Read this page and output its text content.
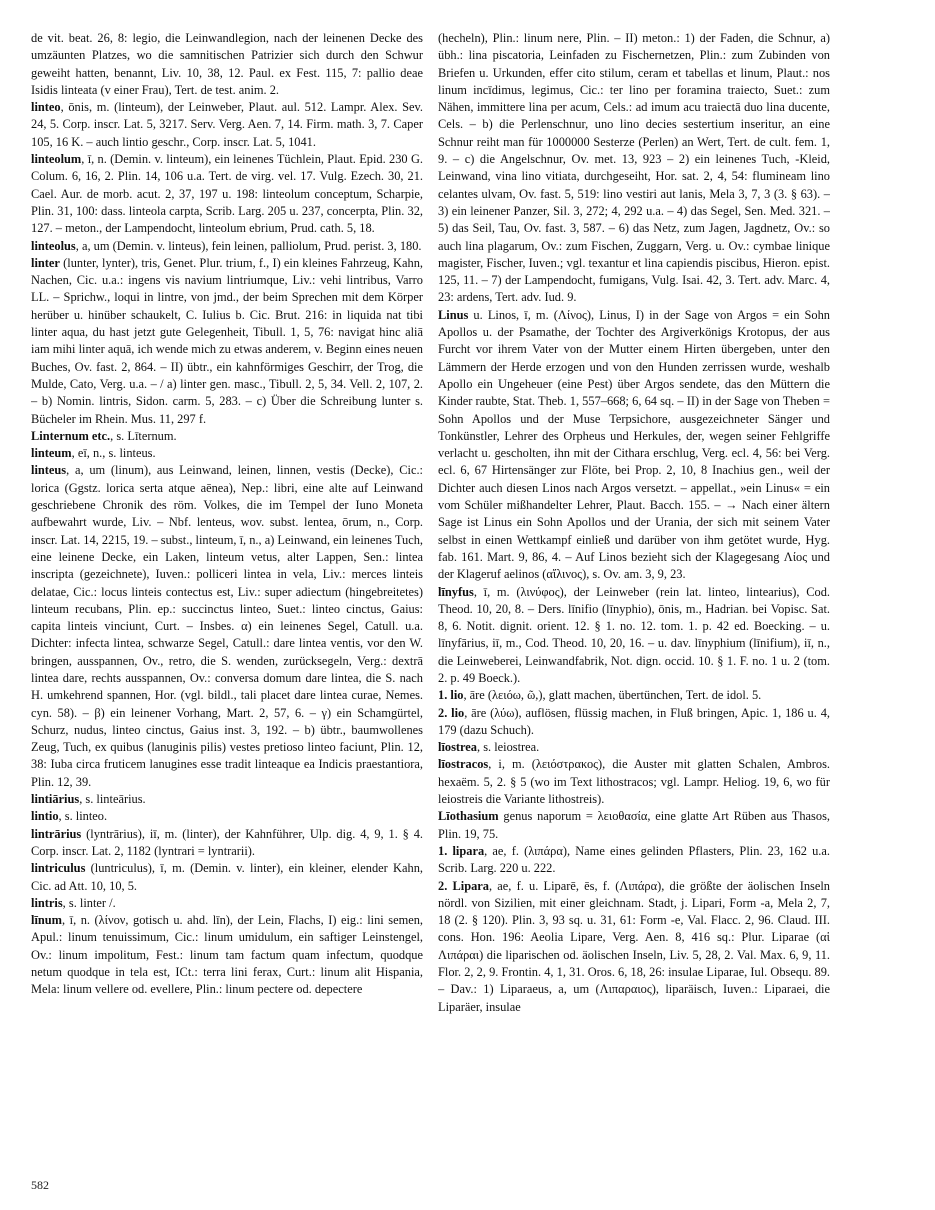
de vit. beat. 26, 8: legio, die Leinwandlegion, nach der leinenen Decke des umzäunten Platzes, wo die samnitischen Patrizier sich durch den Schwur geweiht hatten, benannt, Liv. 10, 38, 12. Paul. ex Fest. 115, 7: pallio deae Isidis linteata (v einer Frau), Tert. de test. anim. 2.

linteo, ōnis, m. (linteum), der Leinweber, Plaut. aul. 512. Lampr. Alex. Sev. 24, 5. Corp. inscr. Lat. 5, 3217. Serv. Verg. Aen. 7, 14. Firm. math. 3, 7. Caper 105, 16 K. – auch lintio geschr., Corp. inscr. Lat. 5, 1041.

linteolum, ī, n. (Demin. v. linteum), ein leinenes Tüchlein, Plaut. Epid. 230 G. Colum. 6, 16, 2. Plin. 14, 106 u.a. Tert. de virg. vel. 17. Vulg. Ezech. 30, 21. Cael. Aur. de morb. acut. 2, 37, 197 u. 198: linteolum conceptum, Scharpie, Plin. 31, 100: dass. linteola carpta, Scrib. Larg. 205 u. 237, concerpta, Plin. 32, 127. – meton., der Lampendocht, linteolum ebrium, Prud. cath. 5, 18.

linteolus, a, um (Demin. v. linteus), fein leinen, palliolum, Prud. perist. 3, 180.

linter (lunter, lynter), tris, Genet. Plur. trium, f., I) ein kleines Fahrzeug, Kahn, Nachen, Cic. u.a.: ingens vis navium lintriumque, Liv.: vehi lintribus, Varro LL. – Sprichw., loqui in lintre, von jmd., der beim Sprechen mit dem Körper herüber u. hinüber schaukelt, C. Iulius b. Cic. Brut. 216: in liquida nat tibi linter aqua, du hast jetzt gute Gelegenheit, Tibull. 1, 5, 76: navigat hinc aliā iam mihi linter aquā, ich wende mich zu etwas anderem, v. Beginn eines neuen Buches, Ov. fast. 2, 864. – II) übtr., ein kahnförmiges Geschirr, der Trog, die Mulde, Cato, Verg. u.a. – / a) linter gen. masc., Tibull. 2, 5, 34. Vell. 2, 107, 2. – b) Nomin. lintris, Sidon. carm. 5, 283. – c) Über die Schreibung lunter s. Bücheler im Rhein. Mus. 11, 297 f.

Linternum etc., s. Līternum.

linteum, eī, n., s. linteus.

linteus, a, um (linum), aus Leinwand, leinen, linnen, vestis (Decke), Cic.: lorica (Ggstz. lorica serta atque aēnea), Nep.: libri, eine alte auf Leinwand geschriebene Chronik des röm. Volkes, die im Tempel der Iuno Moneta aufbewahrt wurde, Liv. – Nbf. lenteus, wov. subst. lentea, ōrum, n., Corp. inscr. Lat. 14, 2215, 19. – subst., linteum, ī, n., a) Leinwand, ein leinenes Tuch, eine leinene Decke, ein Laken, linteum vetus, alter Lappen, Sen.: lintea inscripta (gezeichnete), Iuven.: polliceri lintea in vela, Liv.: merces linteis delatae, Cic.: locus linteis contectus est, Liv.: super adiectum (hingebreitetes) linteum recubans, Plin. ep.: succinctus linteo, Suet.: linteo cinctus, Gaius: capita linteis vinciunt, Curt. – Insbes. α) ein leinenes Segel, Catull. u.a. Dichter: infecta lintea, schwarze Segel, Catull.: dare lintea ventis, vor den W. bringen, ausspannen, Ov., retro, die S. wenden, zurücksegeln, Verg.: dextrā lintea dare, rechts ausspannen, Ov.: conversa domum dare lintea, die S. nach H. umkehrend spannen, Hor. (vgl. bildl., tali placet dare lintea curae, Nemes. cyn. 58). – β) ein leinener Vorhang, Mart. 2, 57, 6. – γ) ein Schamgürtel, Schurz, nudus, linteo cinctus, Gaius inst. 3, 192. – b) übtr., baumwollenes Zeug, Tuch, ex quibus (lanuginis pilis) vestes pretioso linteo faciunt, Plin. 12, 38: Iuba circa fruticem lanugines esse tradit linteaque ea Indicis praestantiora, Plin. 12, 39.

lintiārius, s. linteārius.

lintio, s. linteo.

lintrārius (lyntrārius), iī, m. (linter), der Kahnführer, Ulp. dig. 4, 9, 1. § 4. Corp. inscr. Lat. 2, 1182 (lyntrari = lyntrarii).

lintriculus (luntriculus), ī, m. (Demin. v. linter), ein kleiner, elender Kahn, Cic. ad Att. 10, 10, 5.

lintris, s. linter /.

līnum, ī, n. (λίνον, gotisch u. ahd. līn), der Lein, Flachs, I) eig.: lini semen, Apul.: linum tenuissimum, Cic.: linum umidulum, ein saftiger Leinstengel, Ov.: linum impolitum, Fest.: linum tam factum quam infectum, quodque netum quodque in tela est, ICt.: terra lini ferax, Curt.: linum alit Hispania, Mela: linum vellere od. evellere, Plin.: linum pectere od. depectere

(hecheln), Plin.: linum nere, Plin. – II) meton.: 1) der Faden, die Schnur, a) übh.: lina piscatoria, Leinfaden zu Fischernetzen, Plin.: zum Zubinden von Briefen u. Urkunden, effer cito stilum, ceram et tabellas et linum, Plaut.: nos linum incīdimus, legimus, Cic.: ter lino per foramina traiecto, Suet.: zum Nähen, immittere lina per acum, Cels.: ad imum acu traiectā duo lina ducente, Cels. – b) die Perlenschnur, uno lino decies sestertium inseritur, an eine Schnur reiht man für 1000000 Sesterze (Perlen) an Wert, Tert. de cult. fem. 1, 9. – c) die Angelschnur, Ov. met. 13, 923 – 2) ein leinenes Tuch, -Kleid, Leinwand, vina lino vitiata, durchgeseiht, Hor. sat. 2, 4, 54: flumineam lino celantes ulvam, Ov. fast. 5, 519: lino vestiri aut lanis, Mela 3, 7, 3 (3. § 63). – 3) ein leinener Panzer, Sil. 3, 272; 4, 292 u.a. – 4) das Segel, Sen. Med. 321. – 5) das Seil, Tau, Ov. fast. 3, 587. – 6) das Netz, zum Jagen, Jagdnetz, Ov.: so auch lina plagarum, Ov.: zum Fischen, Zuggarn, Verg. u. Ov.: cymbae linique magister, Fischer, Iuven.; vgl. texantur et lina capiendis piscibus, Hieron. epist. 125, 11. – 7) der Lampendocht, fumigans, Vulg. Isai. 42, 3. Tert. adv. Marc. 4, 23: ardens, Tert. adv. Iud. 9.

Linus u. Linos, ī, m. (Λίνος), Linus, I) in der Sage von Argos = ein Sohn Apollos u. der Psamathe, der Tochter des Argiverkönigs Krotopus, der aus Furcht vor ihrem Vater von der Mutter einem Hirten übergeben, unter den Lämmern der Herde erzogen und von den Hunden zerrissen wurde, weshalb Apollo ein Ungeheuer (eine Pest) über Argos sendete, das den Müttern die Kinder raubte, Stat. Theb. 1, 557–668; 6, 64 sq. – II) in der Sage von Theben = Sohn Apollos und der Muse Terpsichore, ausgezeichneter Sänger und Tonkünstler, Lehrer des Orpheus und Herkules, der, wegen seiner Fehlgriffe verlacht u. gescholten, ihn mit der Cithara erschlug, Verg. ecl. 4, 56: bei Verg. ecl. 6, 67 Hirtensänger zur Flöte, bei Prop. 2, 10, 8 Inachius gen., weil der Dichter auch diesen Linos nach Argos versetzt. – appellat., »ein Linus« = ein vom Schüler mißhandelter Lehrer, Plaut. Bacch. 155. – → Nach einer ältern Sage ist Linus ein Sohn Apollos und der Urania, der sich mit seinem Vater selbst in einen Wettkampf einließ und darüber von ihm getötet wurde, Hyg. fab. 161. Mart. 9, 86, 4. – Auf Linos bezieht sich der Klagegesang Λίος und der Klageruf aelinos (αἴλινος), s. Ov. am. 3, 9, 23.

līnyfus, ī, m. (λινύφος), der Leinweber (rein lat. linteo, lintearius), Cod. Theod. 10, 20, 8. – Ders. līnifio (līnyphio), ōnis, m., Hadrian. bei Vopisc. Sat. 8, 6. Notit. dignit. orient. 12. § 1. no. 12. tom. 1. p. 42 ed. Boecking. – u. līnyfārius, iī, m., Cod. Theod. 10, 20, 16. – u. dav. līnyphium (līnifium), iī, n., die Leinweberei, Leinwandfabrik, Not. dign. occid. 10. § 1. F. no. 1 u. 2 (tom. 2. p. 49 Boeck.).

1. lio, āre (λειόω, ῶ,), glatt machen, übertünchen, Tert. de idol. 5.

2. lio, āre (λύω), auflösen, flüssig machen, in Fluß bringen, Apic. 1, 186 u. 4, 179 (dazu Schuch).

līostrea, s. leiostrea.

līostracos, i, m. (λειόστρακος), die Auster mit glatten Schalen, Ambros. hexaëm. 5, 2. § 5 (wo im Text lithostracos; vgl. Lampr. Heliog. 19, 6, wo für leiostreis die Variante lithostreis).

Līothasium genus naporum = λειοθασία, eine glatte Art Rüben aus Thasos, Plin. 19, 75.

1. lipara, ae, f. (λιπάρα), Name eines gelinden Pflasters, Plin. 23, 162 u.a. Scrib. Larg. 220 u. 222.

2. Lipara, ae, f. u. Liparē, ēs, f. (Λιπάρα), die größte der äolischen Inseln nördl. von Sizilien, mit einer gleichnam. Stadt, j. Lipari, Form -a, Mela 2, 7, 18 (2. § 120). Plin. 3, 93 sq. u. 31, 61: Form -e, Val. Flacc. 2, 96. Claud. III. cons. Hon. 196: Aeolia Lipare, Verg. Aen. 8, 416 sq.: Plur. Liparae (αἱ Λιπάραι) die liparischen od. äolischen Inseln, Liv. 5, 28, 2. Val. Max. 6, 9, 11. Flor. 2, 2, 9. Frontin. 4, 1, 31. Oros. 6, 18, 26: insulae Liparae, Iul. Obsequ. 89. – Dav.: 1) Liparaeus, a, um (Λιπαραιος), liparäisch, Iuven.: Liparaei, die Liparäer, insulae

582
